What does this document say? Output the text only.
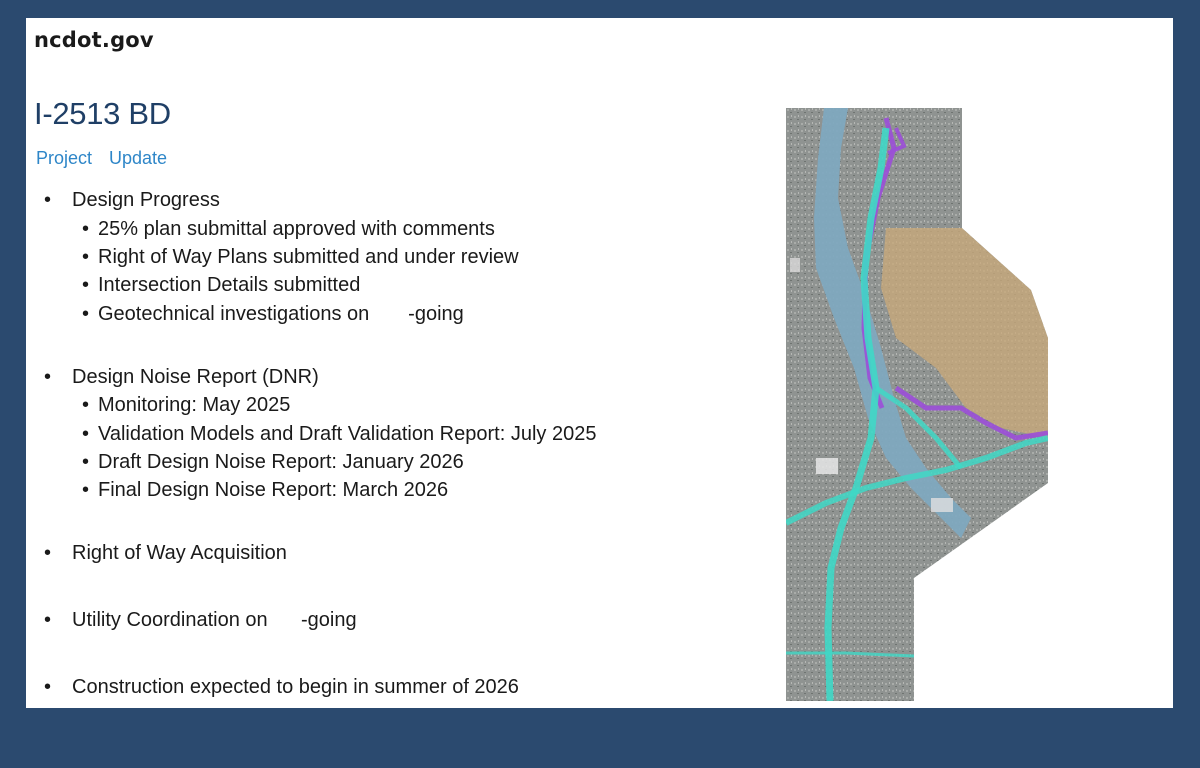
ncdot.gov
I-2513 BD
Project Update
• Design Progress
• 25% plan submittal approved with comments
• Right of Way Plans submitted and under review
• Intersection Details submitted
• Geotechnical investigations on       -going
• Design Noise Report (DNR)
• Monitoring: May 2025
• Validation Models and Draft Validation Report: July 2025
• Draft Design Noise Report: January 2026
• Final Design Noise Report: March 2026
• Right of Way Acquisition
• Utility Coordination on      -going
• Construction expected to begin in summer of 2026
